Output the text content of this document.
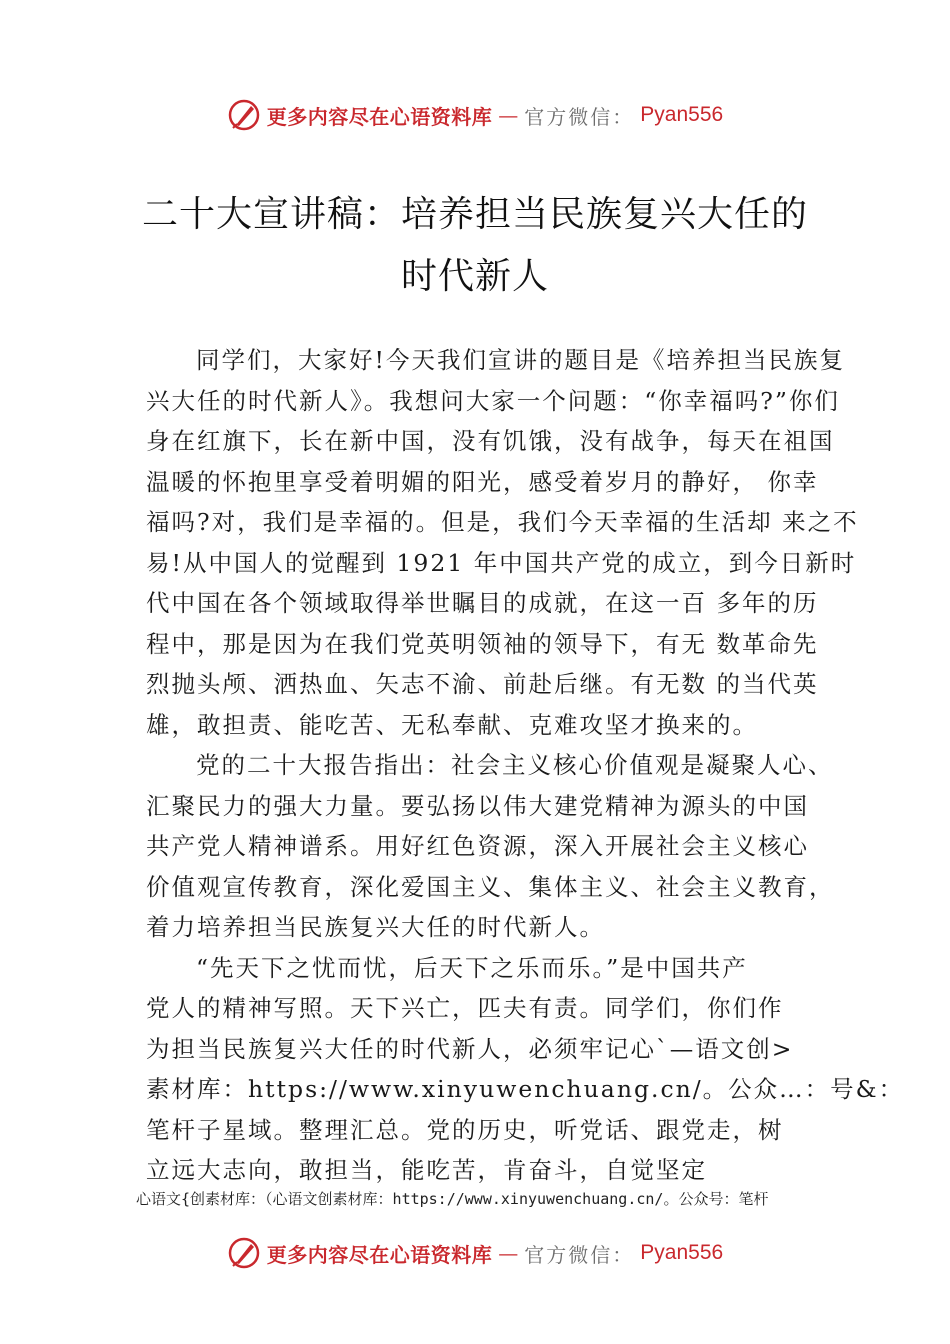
更多内容尽在心语资料库 — 官方微信： Pyan556
二十大宣讲稿：培养担当民族复兴大任的
时代新人
同学们，大家好!今天我们宣讲的题目是《培养担当民族复
兴大任的时代新人》。我想问大家一个问题：“你幸福吗?”你们
身在红旗下，长在新中国，没有饥饿，没有战争，每天在祖国
温暖的怀抱里享受着明媚的阳光，感受着岁月的静好， 你幸
福吗?对，我们是幸福的。但是，我们今天幸福的生活却 来之不
易!从中国人的觉醒到 1921 年中国共产党的成立，到今日新时
代中国在各个领域取得举世瞩目的成就，在这一百 多年的历
程中，那是因为在我们党英明领袖的领导下，有无 数革命先
烈抛头颅、洒热血、矢志不渝、前赴后继。有无数 的当代英
雄，敢担责、能吃苦、无私奉献、克难攻坚才换来的。
党的二十大报告指出：社会主义核心价值观是凝聚人心、
汇聚民力的强大力量。要弘扬以伟大建党精神为源头的中国
共产党人精神谱系。用好红色资源，深入开展社会主义核心
价值观宣传教育，深化爱国主义、集体主义、社会主义教育，
着力培养担当民族复兴大任的时代新人。
“先天下之忧而忧，后天下之乐而乐。”是中国共产
党人的精神写照。天下兴亡，匹夫有责。同学们，你们作
为担当民族复兴大任的时代新人，必须牢记心`—语文创>
素材库：https://www.xinyuwenchuang.cn/。公众…：号&：
笔杆子星域。整理汇总。党的历史，听党话、跟党走，树
立远大志向，敢担当，能吃苦，肯奋斗，自觉坚定
心语文{创素材库：（心语文创素材库：https://www.xinyuwenchuang.cn/。公众号：笔杆
更多内容尽在心语资料库 — 官方微信： Pyan556
